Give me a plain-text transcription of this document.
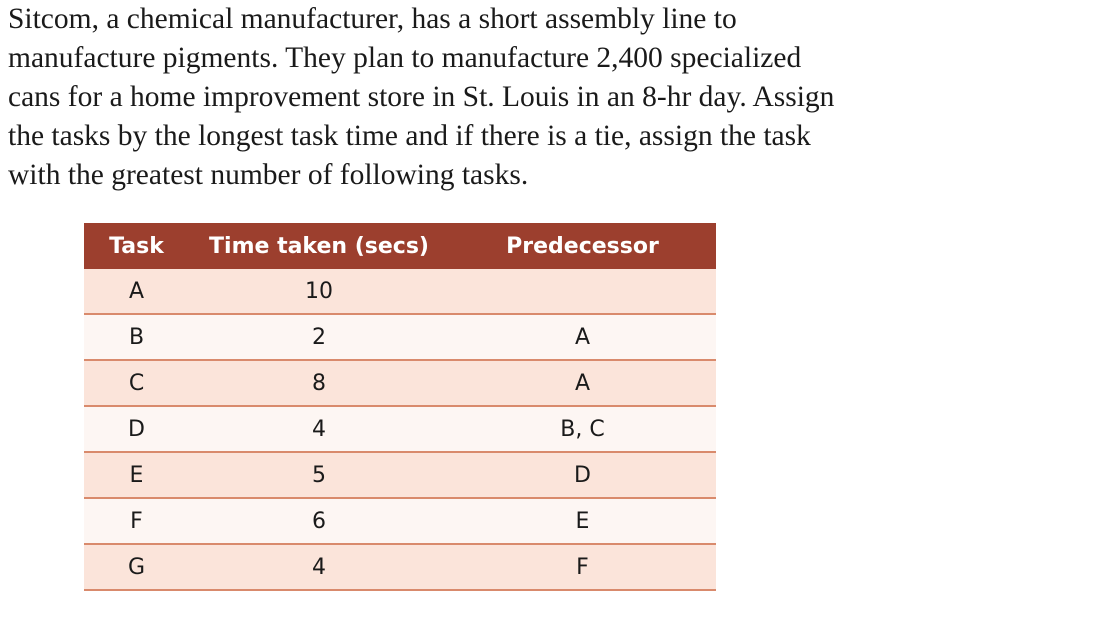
Sitcom, a chemical manufacturer, has a short assembly line to
manufacture pigments. They plan to manufacture 2,400 specialized
cans for a home improvement store in St. Louis in an 8-hr day. Assign
the tasks by the longest task time and if there is a tie, assign the task
with the greatest number of following tasks.

Task	Time taken (secs)	Predecessor
A	10	
B	2	A
C	8	A
D	4	B, C
E	5	D
F	6	E
G	4	F
